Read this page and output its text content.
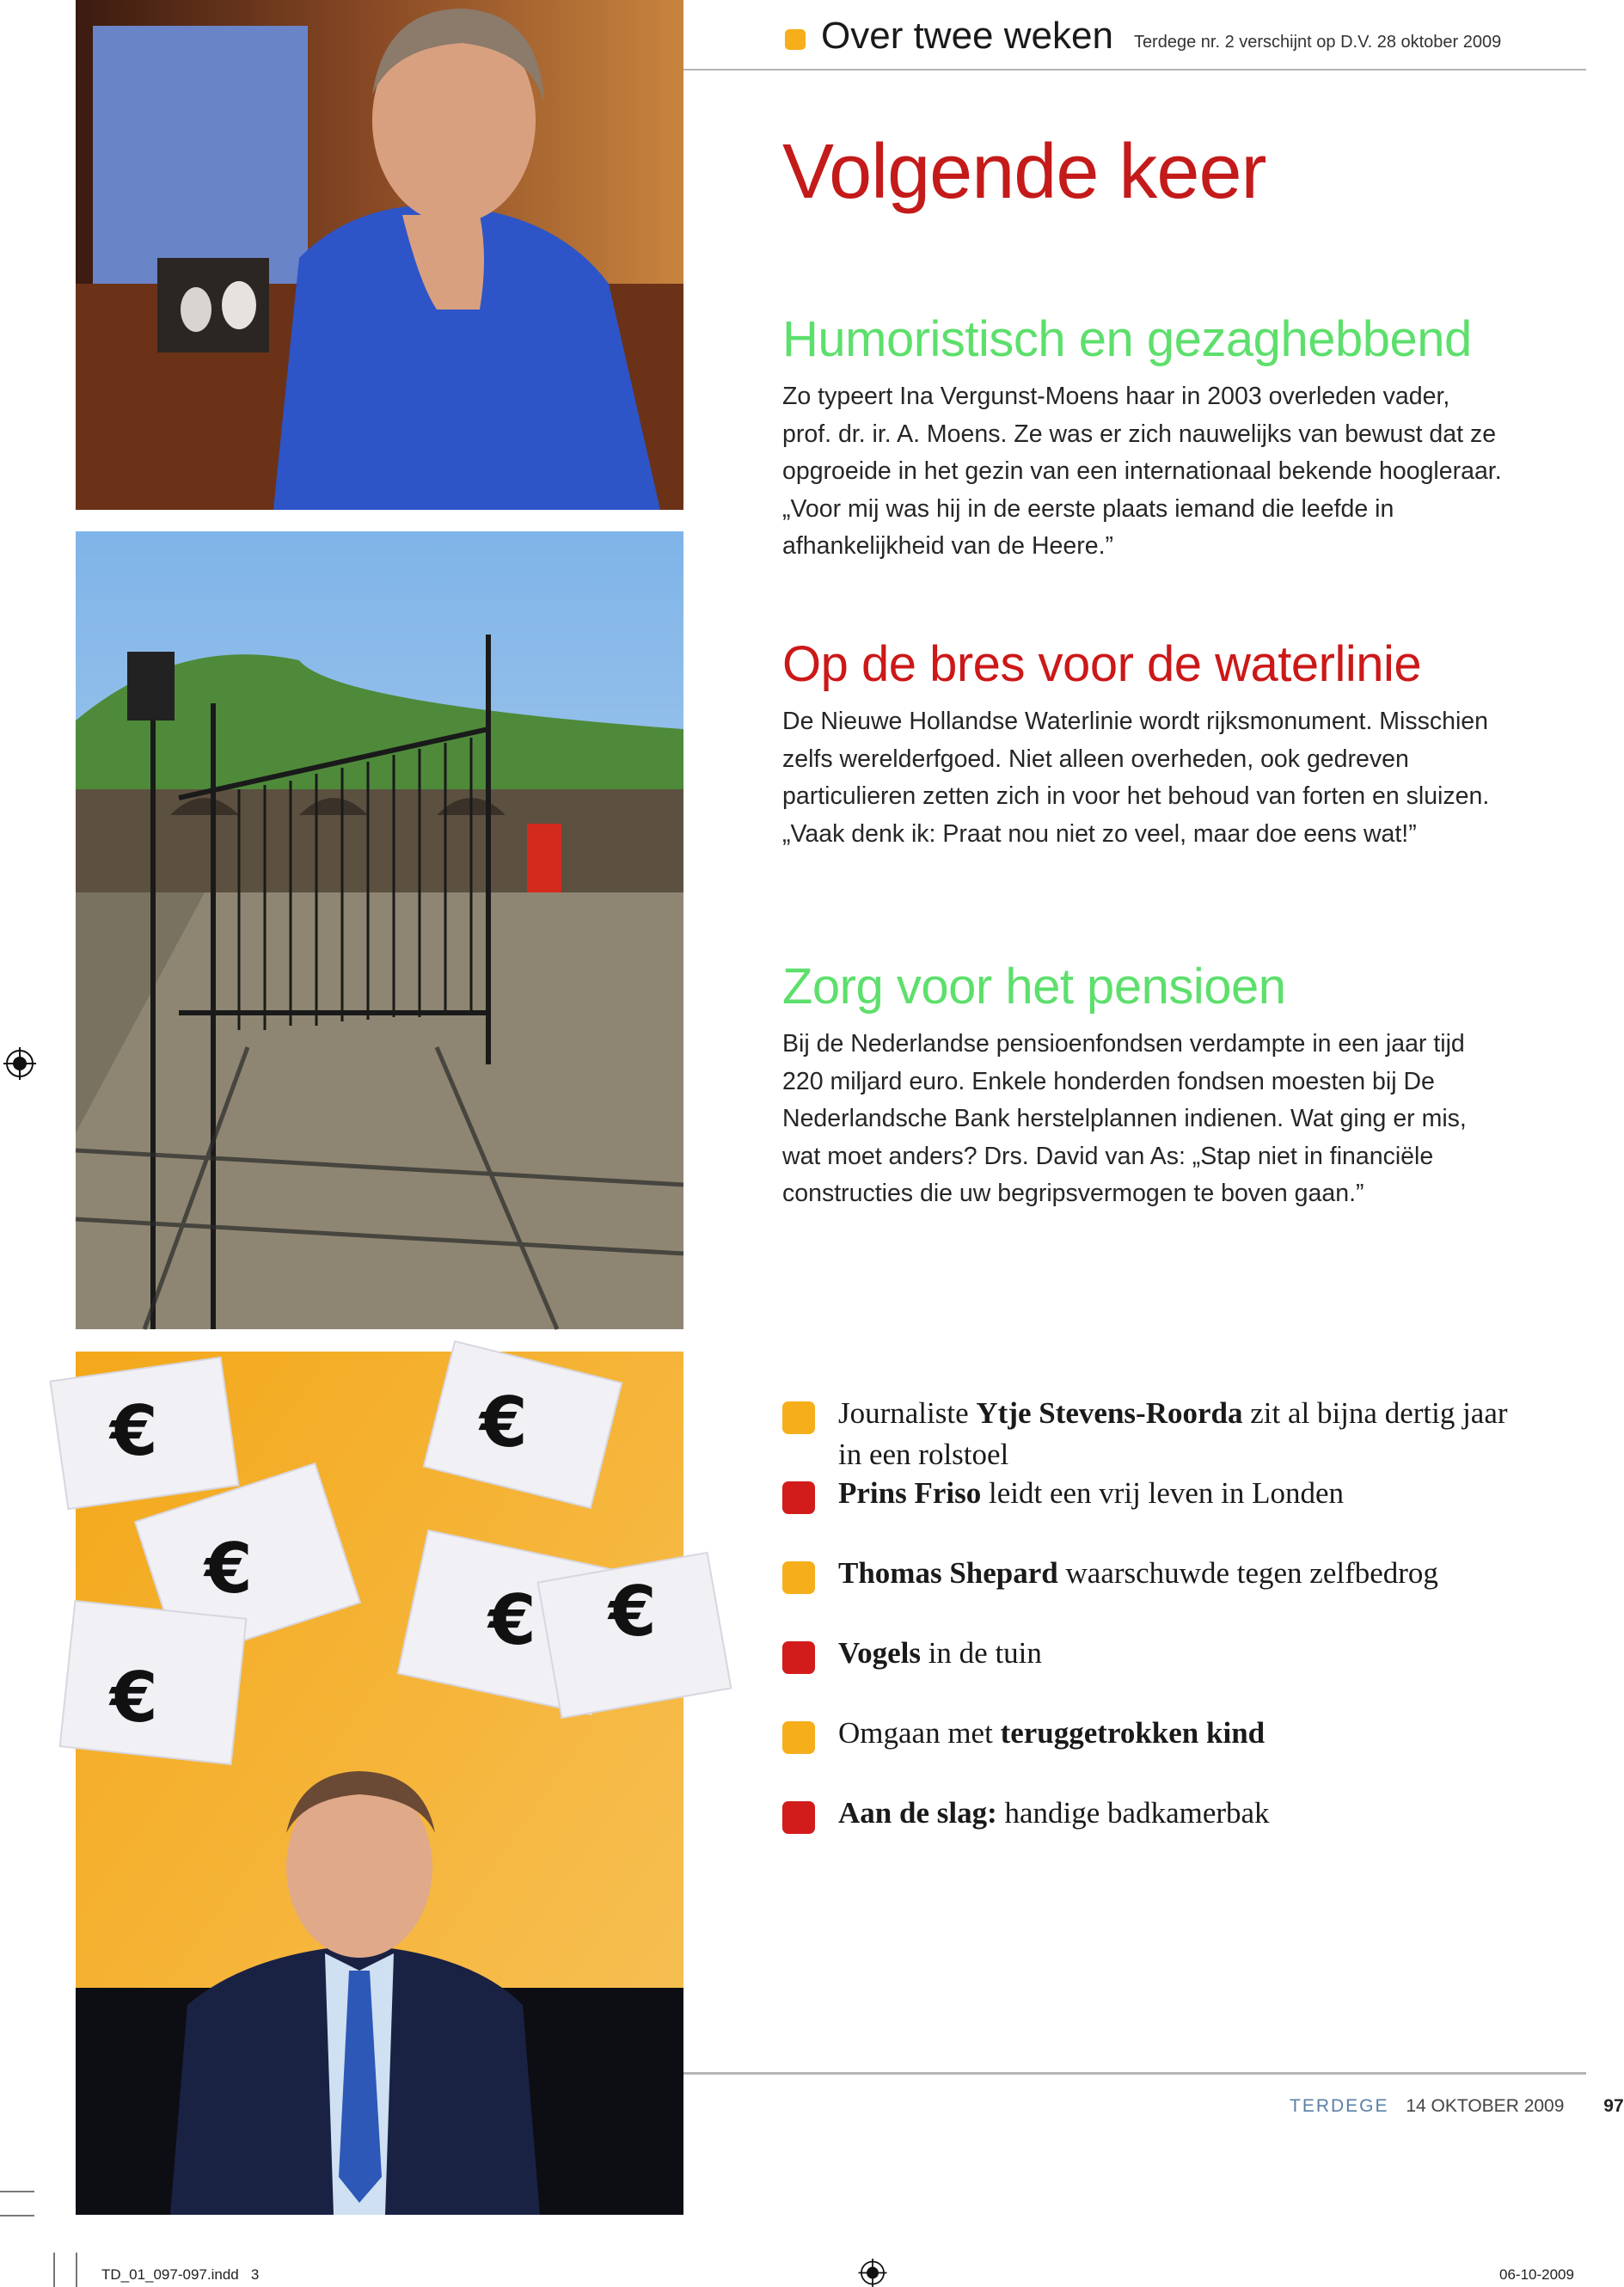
€	€
€
€
€
€
Over twee weken Terdege nr. 2 verschijnt op D.V. 28 oktober 2009
Volgende keer
Humoristisch en gezaghebbend

Zo typeert Ina Vergunst-Moens haar in 2003 overleden vader, prof. dr. ir. A. Moens. Ze was er zich nauwelijks van bewust dat ze opgroeide in het gezin van een internationaal bekende hoogleraar. „Voor mij was hij in de eerste plaats iemand die leefde in afhankelijkheid van de Heere.”

Op de bres voor de waterlinie

De Nieuwe Hollandse Waterlinie wordt rijksmonument. Misschien zelfs werelderfgoed. Niet alleen overheden, ook gedreven particulieren zetten zich in voor het behoud van forten en sluizen. „Vaak denk ik: Praat nou niet zo veel, maar doe eens wat!”

Zorg voor het pensioen

Bij de Nederlandse pensioenfondsen verdampte in een jaar tijd 220 miljard euro. Enkele honderden fondsen moesten bij De Nederlandsche Bank herstelplannen indienen. Wat ging er mis, wat moet anders? Drs. David van As: „Stap niet in financiële constructies die uw begripsvermogen te boven gaan.”

Journaliste Ytje Stevens-Roorda zit al bijna dertig jaar in een rolstoel
Prins Friso leidt een vrij leven in Londen
Thomas Shepard waarschuwde tegen zelfbedrog
Vogels in de tuin
Omgaan met teruggetrokken kind
Aan de slag: handige badkamerbak
TERDEGE 14 OKTOBER 2009 97
TD_01_097-097.indd   3	06-10-2009
